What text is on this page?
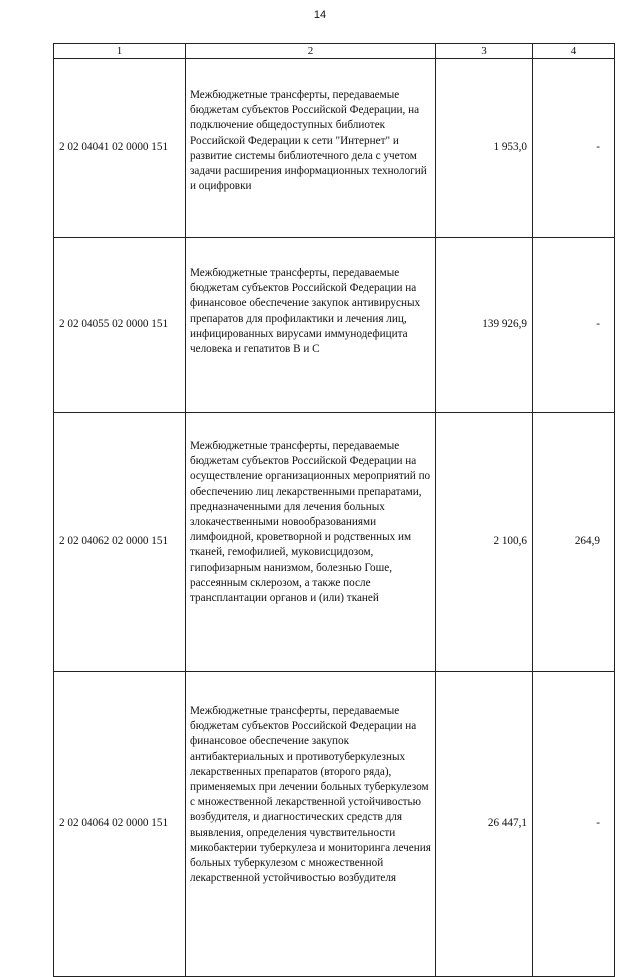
14
1	2	3	4
2 02 04041 02 0000 151	Межбюджетные трансферты, передаваемые бюджетам субъектов Российской Федерации, на подключение общедоступных библиотек Российской Федерации к сети "Интернет" и развитие системы библиотечного дела с учетом задачи расширения информационных технологий и оцифровки	1 953,0	-
2 02 04055 02 0000 151	Межбюджетные трансферты, передаваемые бюджетам субъектов Российской Федерации на финансовое обеспечение закупок антивирусных препаратов для профилактики и лечения лиц, инфицированных вирусами иммунодефицита человека и гепатитов В и С	139 926,9	-
2 02 04062 02 0000 151	Межбюджетные трансферты, передаваемые бюджетам субъектов Российской Федерации на осуществление организационных мероприятий по обеспечению лиц лекарственными препаратами, предназначенными для лечения больных злокачественными новообразованиями лимфоидной, кроветворной и родственных им тканей, гемофилией, муковисцидозом, гипофизарным нанизмом, болезнью Гоше, рассеянным склерозом, а также после трансплантации органов и (или) тканей	2 100,6	264,9
2 02 04064 02 0000 151	Межбюджетные трансферты, передаваемые бюджетам субъектов Российской Федерации на финансовое обеспечение закупок антибактериальных и противотуберкулезных лекарственных препаратов (второго ряда), применяемых при лечении больных туберкулезом с множественной лекарственной устойчивостью возбудителя, и диагностических средств для выявления, определения чувствительности микобактерии туберкулеза и мониторинга лечения больных туберкулезом с множественной лекарственной устойчивостью возбудителя	26 447,1	-
